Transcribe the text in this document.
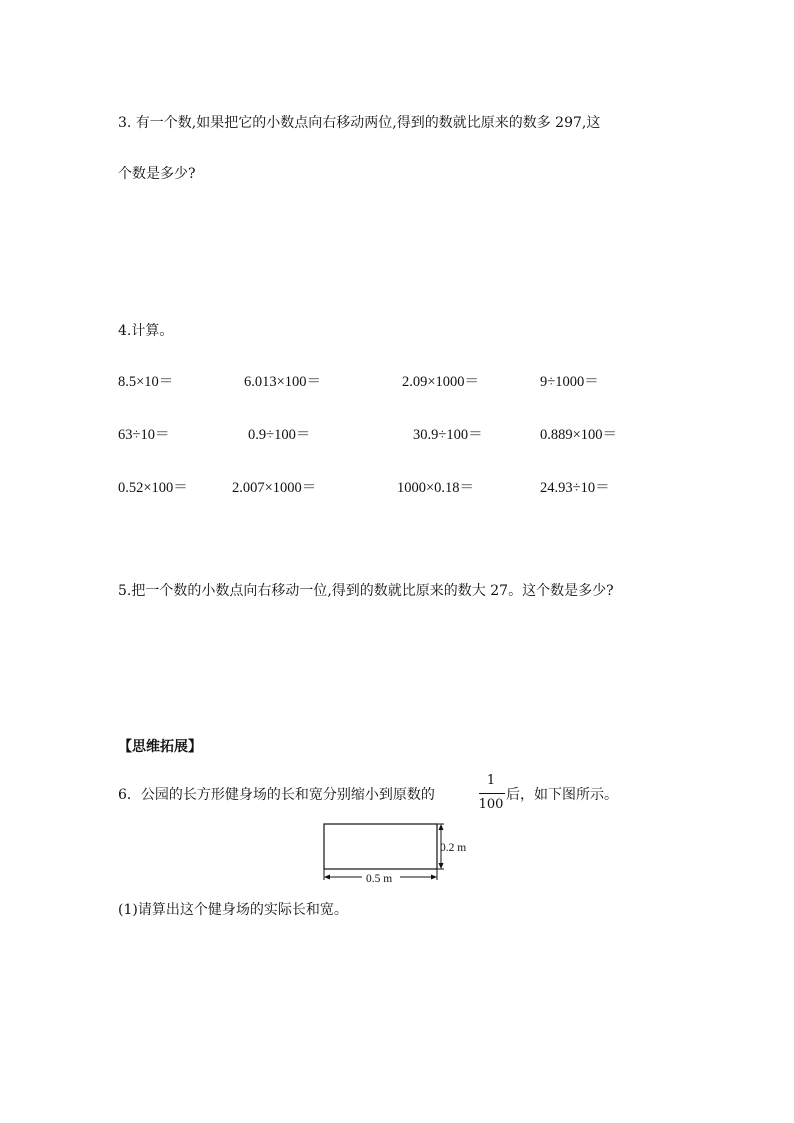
3. 有一个数,如果把它的小数点向右移动两位,得到的数就比原来的数多 297,这
个数是多少?
4.计算。
8.5×10＝	6.013×100＝	2.09×1000＝	9÷1000＝
63÷10＝	0.9÷100＝	30.9÷100＝	0.889×100＝
0.52×100＝	2.007×1000＝	1000×0.18＝	24.93÷10＝
5.把一个数的小数点向右移动一位,得到的数就比原来的数大 27。这个数是多少?
【思维拓展】
6．公园的长方形健身场的长和宽分别缩小到原数的
1
100
后，如下图所示。
0.2 m
0.5 m
(1)请算出这个健身场的实际长和宽。
